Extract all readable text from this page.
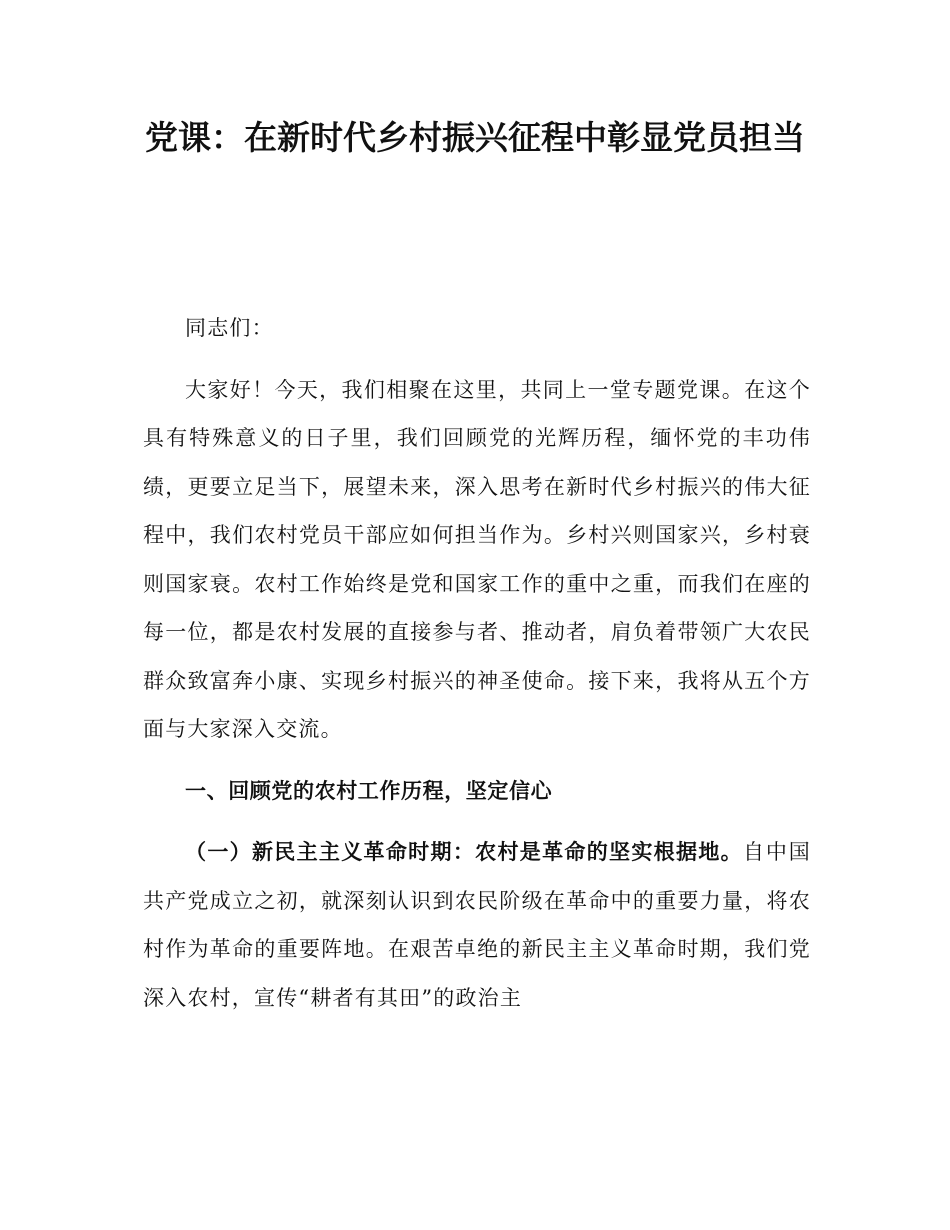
党课：在新时代乡村振兴征程中彰显党员担当

同志们：

大家好！今天，我们相聚在这里，共同上一堂专题党课。在这个具有特殊意义的日子里，我们回顾党的光辉历程，缅怀党的丰功伟绩，更要立足当下，展望未来，深入思考在新时代乡村振兴的伟大征程中，我们农村党员干部应如何担当作为。乡村兴则国家兴，乡村衰则国家衰。农村工作始终是党和国家工作的重中之重，而我们在座的每一位，都是农村发展的直接参与者、推动者，肩负着带领广大农民群众致富奔小康、实现乡村振兴的神圣使命。接下来，我将从五个方面与大家深入交流。

一、回顾党的农村工作历程，坚定信心

（一）新民主主义革命时期：农村是革命的坚实根据地。自中国共产党成立之初，就深刻认识到农民阶级在革命中的重要力量，将农村作为革命的重要阵地。在艰苦卓绝的新民主主义革命时期，我们党深入农村，宣传“耕者有其田”的政治主
